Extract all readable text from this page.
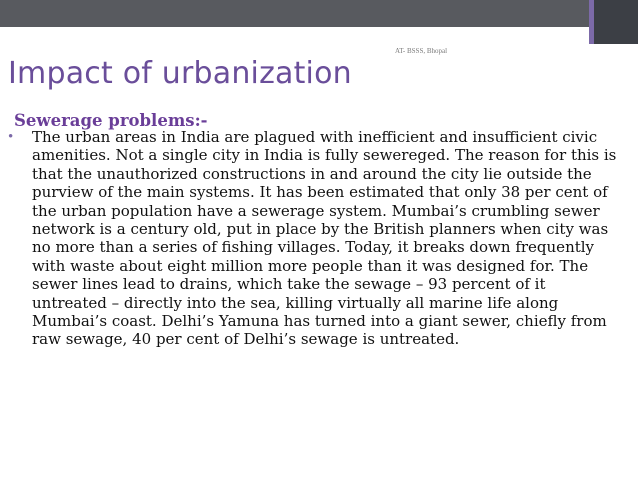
AT- BSSS, Bhopal
Impact of urbanization
Sewerage problems:-
• The urban areas in India are plagued with inefficient and insufficient civic amenities. Not a single city in India is fully sewereged. The reason for this is that the unauthorized constructions in and around the city lie outside the purview of the main systems. It has been estimated that only 38 per cent of the urban population have a sewerage system. Mumbai’s crumbling sewer network is a century old, put in place by the British planners when city was no more than a series of fishing villages. Today, it breaks down frequently with waste about eight million more people than it was designed for. The sewer lines lead to drains, which take the sewage – 93 percent of it untreated – directly into the sea, killing virtually all marine life along Mumbai’s coast. Delhi’s Yamuna has turned into a giant sewer, chiefly from raw sewage, 40 per cent of Delhi’s sewage is untreated.
